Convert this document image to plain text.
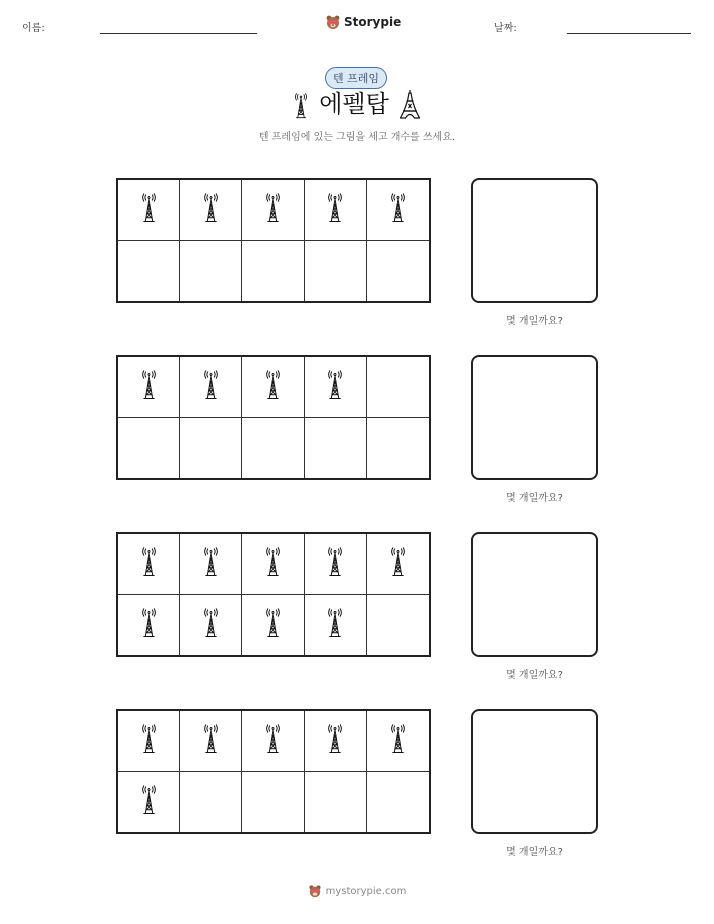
이름:	Storypie	날짜:
텐 프레임
에펠탑
텐 프레임에 있는 그림을 세고 개수를 쓰세요.
몇 개일까요?
몇 개일까요?
몇 개일까요?
몇 개일까요?
mystorypie.com
